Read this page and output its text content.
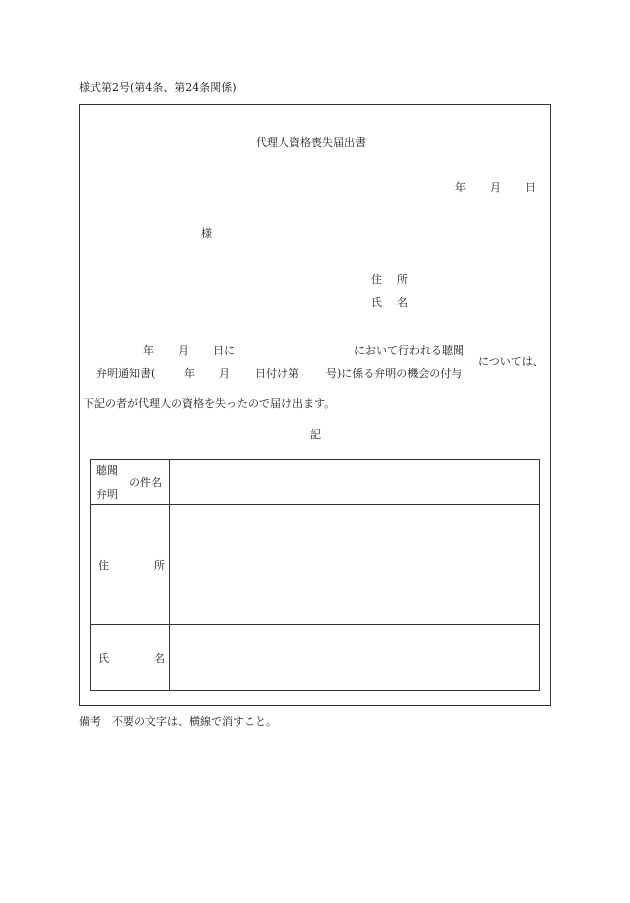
様式第2号(第4条、第24条関係)
代理人資格喪失届出書
年 月 日
様
住 所
氏 名
年 月 日に	において行われる聴聞
弁明通知書(	年 月 日付け第 号)に係る弁明の機会の付与
については、
下記の者が代理人の資格を失ったので届け出ます。
記
聴聞
弁明
の件名
住	所
氏	名
備考　不要の文字は、横線で消すこと。
